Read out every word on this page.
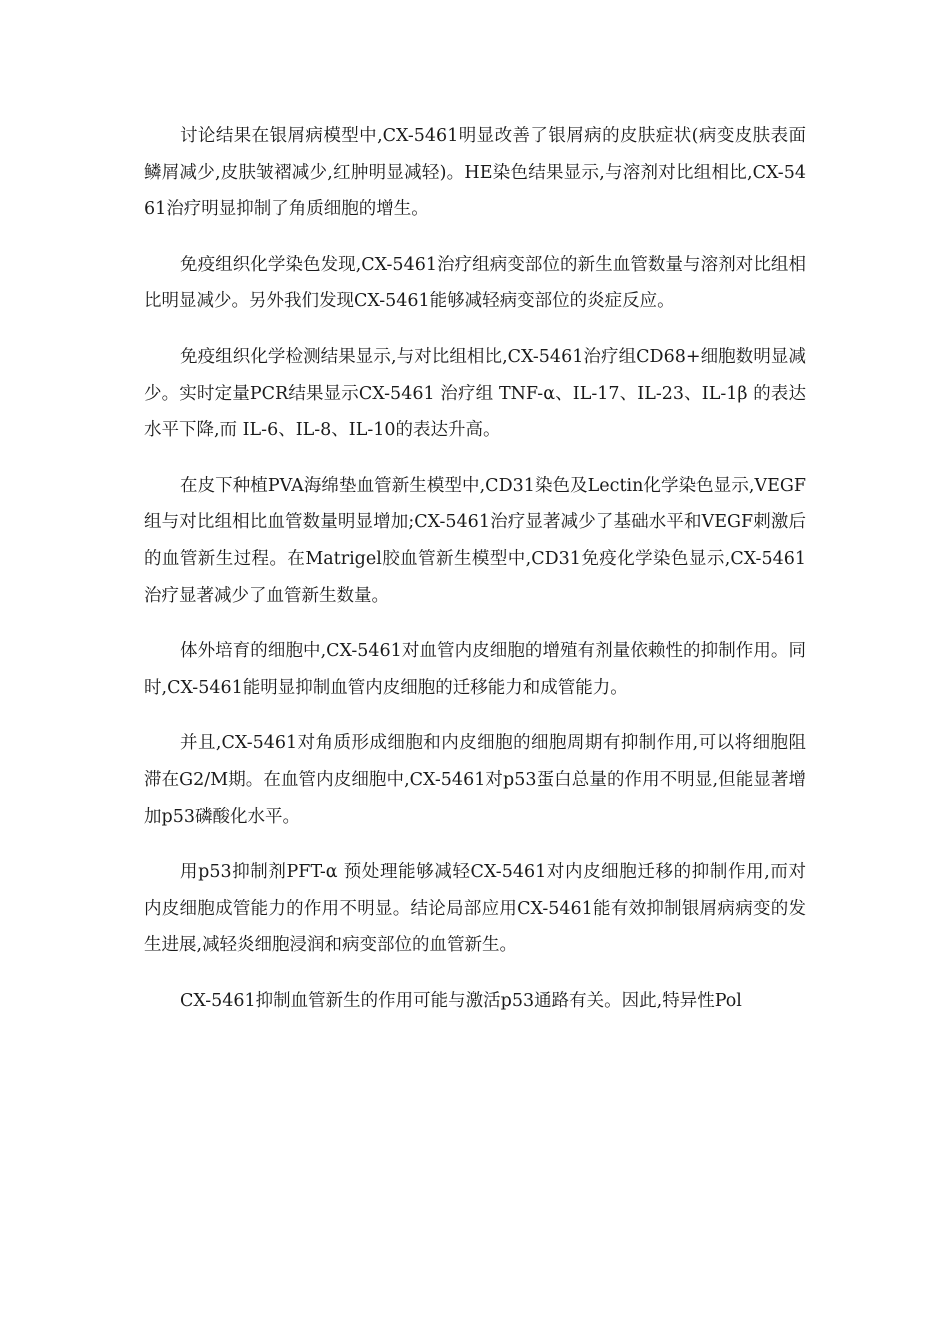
讨论结果在银屑病模型中,CX-5461明显改善了银屑病的皮肤症状(病变皮肤表面鳞屑减少,皮肤皱褶减少,红肿明显减轻)。HE染色结果显示,与溶剂对比组相比,CX-5461治疗明显抑制了角质细胞的增生。

免疫组织化学染色发现,CX-5461治疗组病变部位的新生血管数量与溶剂对比组相比明显减少。另外我们发现CX-5461能够减轻病变部位的炎症反应。

免疫组织化学检测结果显示,与对比组相比,CX-5461治疗组CD68+细胞数明显减少。实时定量PCR结果显示CX-5461 治疗组 TNF-α、IL-17、IL-23、IL-1β 的表达水平下降,而 IL-6、IL-8、IL-10的表达升高。

在皮下种植PVA海绵垫血管新生模型中,CD31染色及Lectin化学染色显示,VEGF组与对比组相比血管数量明显增加;CX-5461治疗显著减少了基础水平和VEGF刺激后的血管新生过程。在Matrigel胶血管新生模型中,CD31免疫化学染色显示,CX-5461治疗显著减少了血管新生数量。

体外培育的细胞中,CX-5461对血管内皮细胞的增殖有剂量依赖性的抑制作用。同时,CX-5461能明显抑制血管内皮细胞的迁移能力和成管能力。

并且,CX-5461对角质形成细胞和内皮细胞的细胞周期有抑制作用,可以将细胞阻滞在G2/M期。在血管内皮细胞中,CX-5461对p53蛋白总量的作用不明显,但能显著增加p53磷酸化水平。

用p53抑制剂PFT-α 预处理能够减轻CX-5461对内皮细胞迁移的抑制作用,而对内皮细胞成管能力的作用不明显。结论局部应用CX-5461能有效抑制银屑病病变的发生进展,减轻炎细胞浸润和病变部位的血管新生。

CX-5461抑制血管新生的作用可能与激活p53通路有关。因此,特异性Pol
